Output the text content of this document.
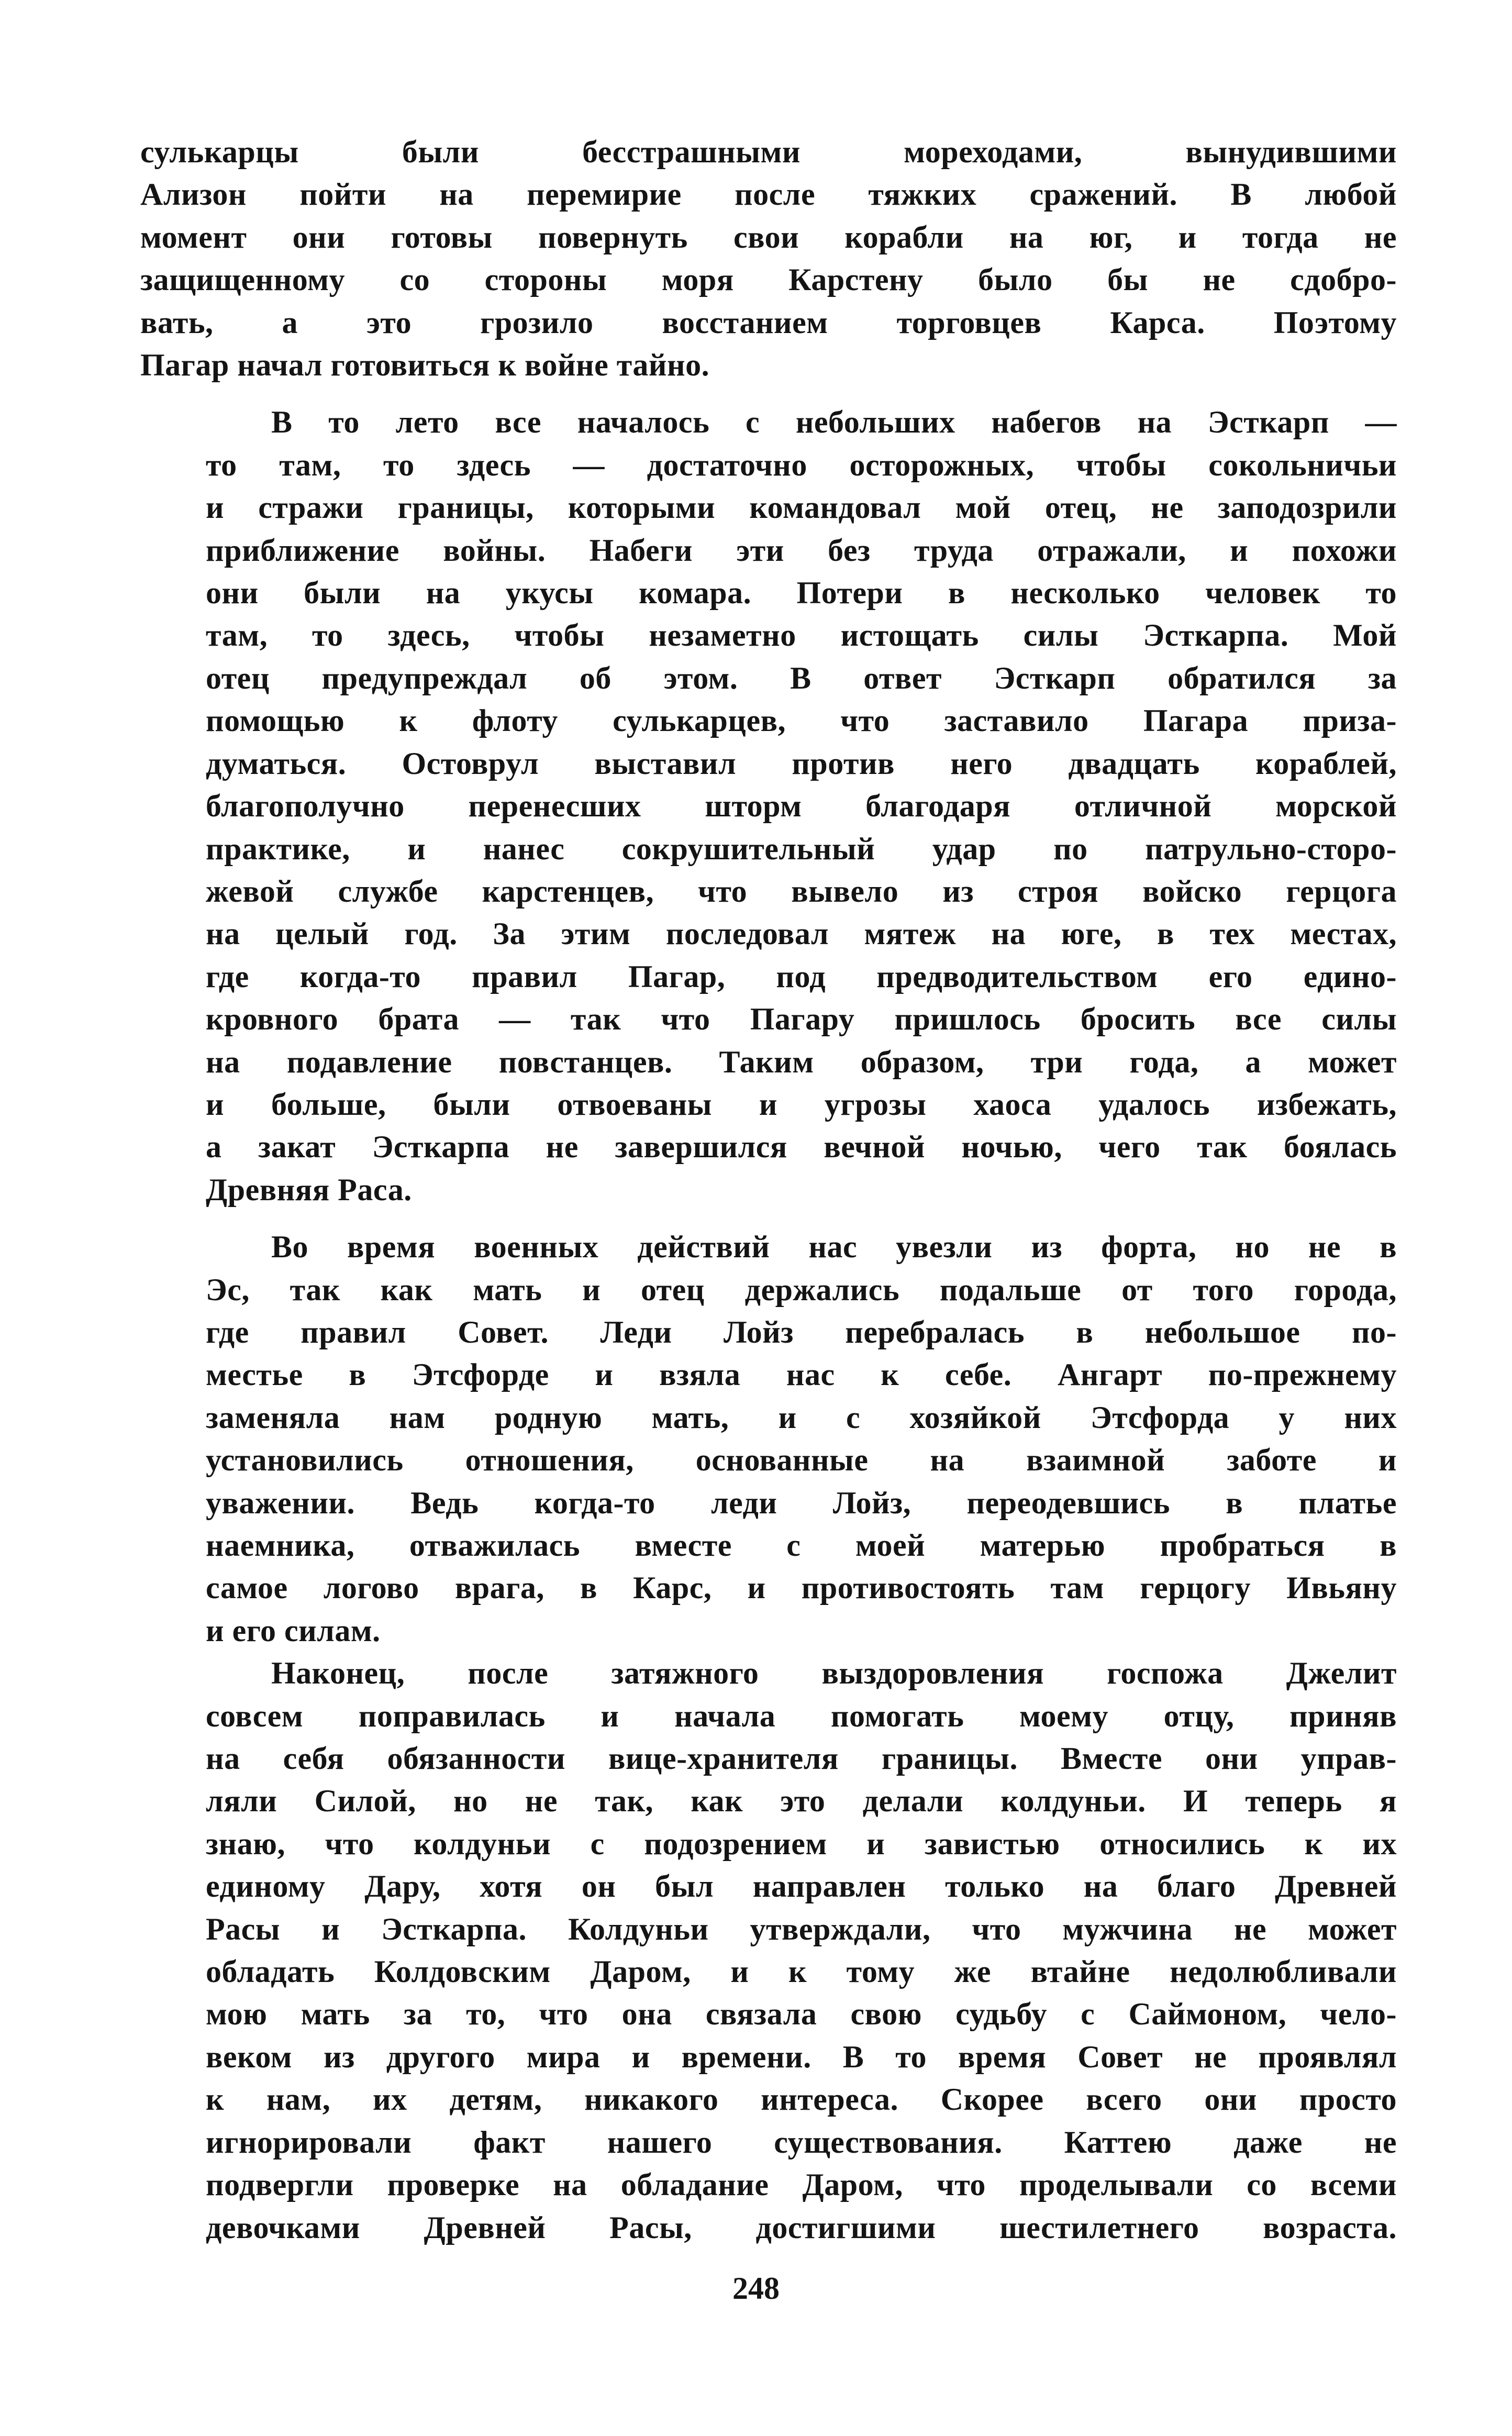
сулькарцы были бесстрашными мореходами, вынудившими
Ализон пойти на перемирие после тяжких сражений. В любой
момент они готовы повернуть свои корабли на юг, и тогда не
защищенному со стороны моря Карстену было бы не сдобро-
вать, а это грозило восстанием торговцев Карса. Поэтому
Пагар начал готовиться к войне тайно.
В то лето все началось с небольших набегов на Эсткарп —
то там, то здесь — достаточно осторожных, чтобы сокольничьи
и стражи границы, которыми командовал мой отец, не заподозрили
приближение войны. Набеги эти без труда отражали, и похожи
они были на укусы комара. Потери в несколько человек то
там, то здесь, чтобы незаметно истощать силы Эсткарпа. Мой
отец предупреждал об этом. В ответ Эсткарп обратился за
помощью к флоту сулькарцев, что заставило Пагара призa-
думаться. Остоврул выставил против него двадцать кораблей,
благополучно перенесших шторм благодаря отличной морской
практике, и нанес сокрушительный удар по патрульно-сторо-
жевой службе карстенцев, что вывело из строя войско герцога
на целый год. За этим последовал мятеж на юге, в тех местах,
где когда-то правил Пагар, под предводительством его едино-
кровного брата — так что Пагару пришлось бросить все силы
на подавление повстанцев. Таким образом, три года, а может
и больше, были отвоеваны и угрозы хаоса удалось избежать,
а закат Эсткарпа не завершился вечной ночью, чего так боялась
Древняя Раса.
Во время военных действий нас увезли из форта, но не в
Эс, так как мать и отец держались подальше от того города,
где правил Совет. Леди Лойз перебралась в небольшое по-
местье в Этсфорде и взяла нас к себе. Ангарт по-прежнему
заменяла нам родную мать, и с хозяйкой Этсфорда у них
установились отношения, основанные на взаимной заботе и
уважении. Ведь когда-то леди Лойз, переодевшись в платье
наемника, отважилась вместе с моей матерью пробраться в
самое логово врага, в Карс, и противостоять там герцогу Ивьяну
и его силам.
Наконец, после затяжного выздоровления госпожа Джелит
совсем поправилась и начала помогать моему отцу, приняв
на себя обязанности вице-хранителя границы. Вместе они управ-
ляли Силой, но не так, как это делали колдуньи. И теперь я
знаю, что колдуньи с подозрением и завистью относились к их
единому Дару, хотя он был направлен только на благо Древней
Расы и Эсткарпа. Колдуньи утверждали, что мужчина не может
обладать Колдовским Даром, и к тому же втайне недолюбливали
мою мать за то, что она связала свою судьбу с Саймоном, чело-
веком из другого мира и времени. В то время Совет не проявлял
к нам, их детям, никакого интереса. Скорее всего они просто
игнорировали факт нашего существования. Каттею даже не
подвергли проверке на обладание Даром, что проделывали со всеми
девочками Древней Расы, достигшими шестилетнего возраста.
248
